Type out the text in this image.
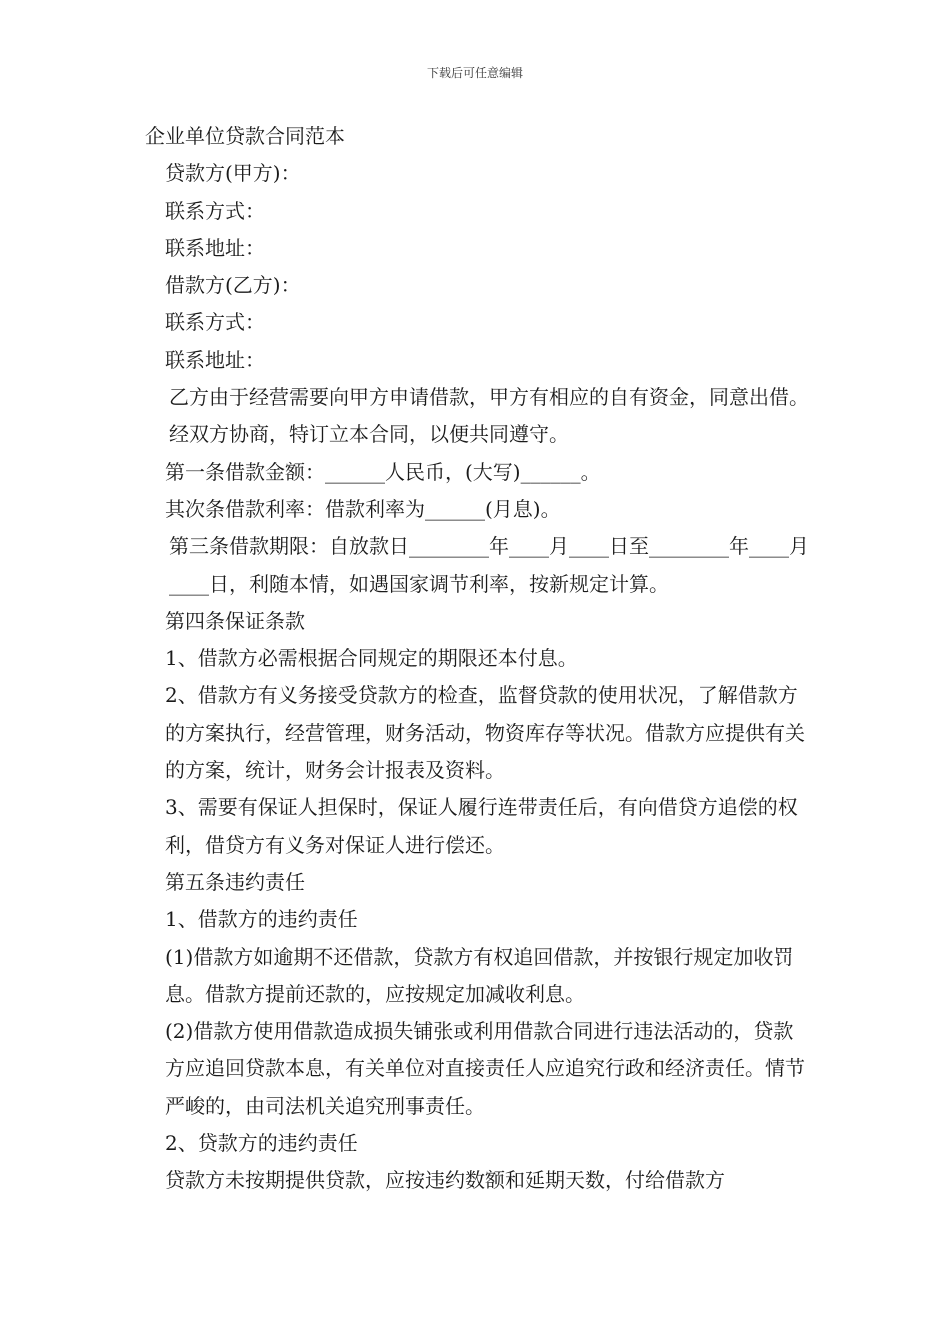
下载后可任意编辑
企业单位贷款合同范本
贷款方(甲方)：
联系方式：
联系地址：
借款方(乙方)：
联系方式：
联系地址：
乙方由于经营需要向甲方申请借款，甲方有相应的自有资金，同意出借。经双方协商，特订立本合同，以便共同遵守。
第一条借款金额：______人民币，(大写)______。
其次条借款利率：借款利率为______(月息)。
第三条借款期限：自放款日________年____月____日至________年____月____日，利随本情，如遇国家调节利率，按新规定计算。
第四条保证条款
1、借款方必需根据合同规定的期限还本付息。
2、借款方有义务接受贷款方的检查，监督贷款的使用状况，了解借款方的方案执行，经营管理，财务活动，物资库存等状况。借款方应提供有关的方案，统计，财务会计报表及资料。
3、需要有保证人担保时，保证人履行连带责任后，有向借贷方追偿的权利，借贷方有义务对保证人进行偿还。
第五条违约责任
1、借款方的违约责任
(1)借款方如逾期不还借款，贷款方有权追回借款，并按银行规定加收罚息。借款方提前还款的，应按规定加减收利息。
(2)借款方使用借款造成损失铺张或利用借款合同进行违法活动的，贷款方应追回贷款本息，有关单位对直接责任人应追究行政和经济责任。情节严峻的，由司法机关追究刑事责任。
2、贷款方的违约责任
贷款方未按期提供贷款，应按违约数额和延期天数，付给借款方
